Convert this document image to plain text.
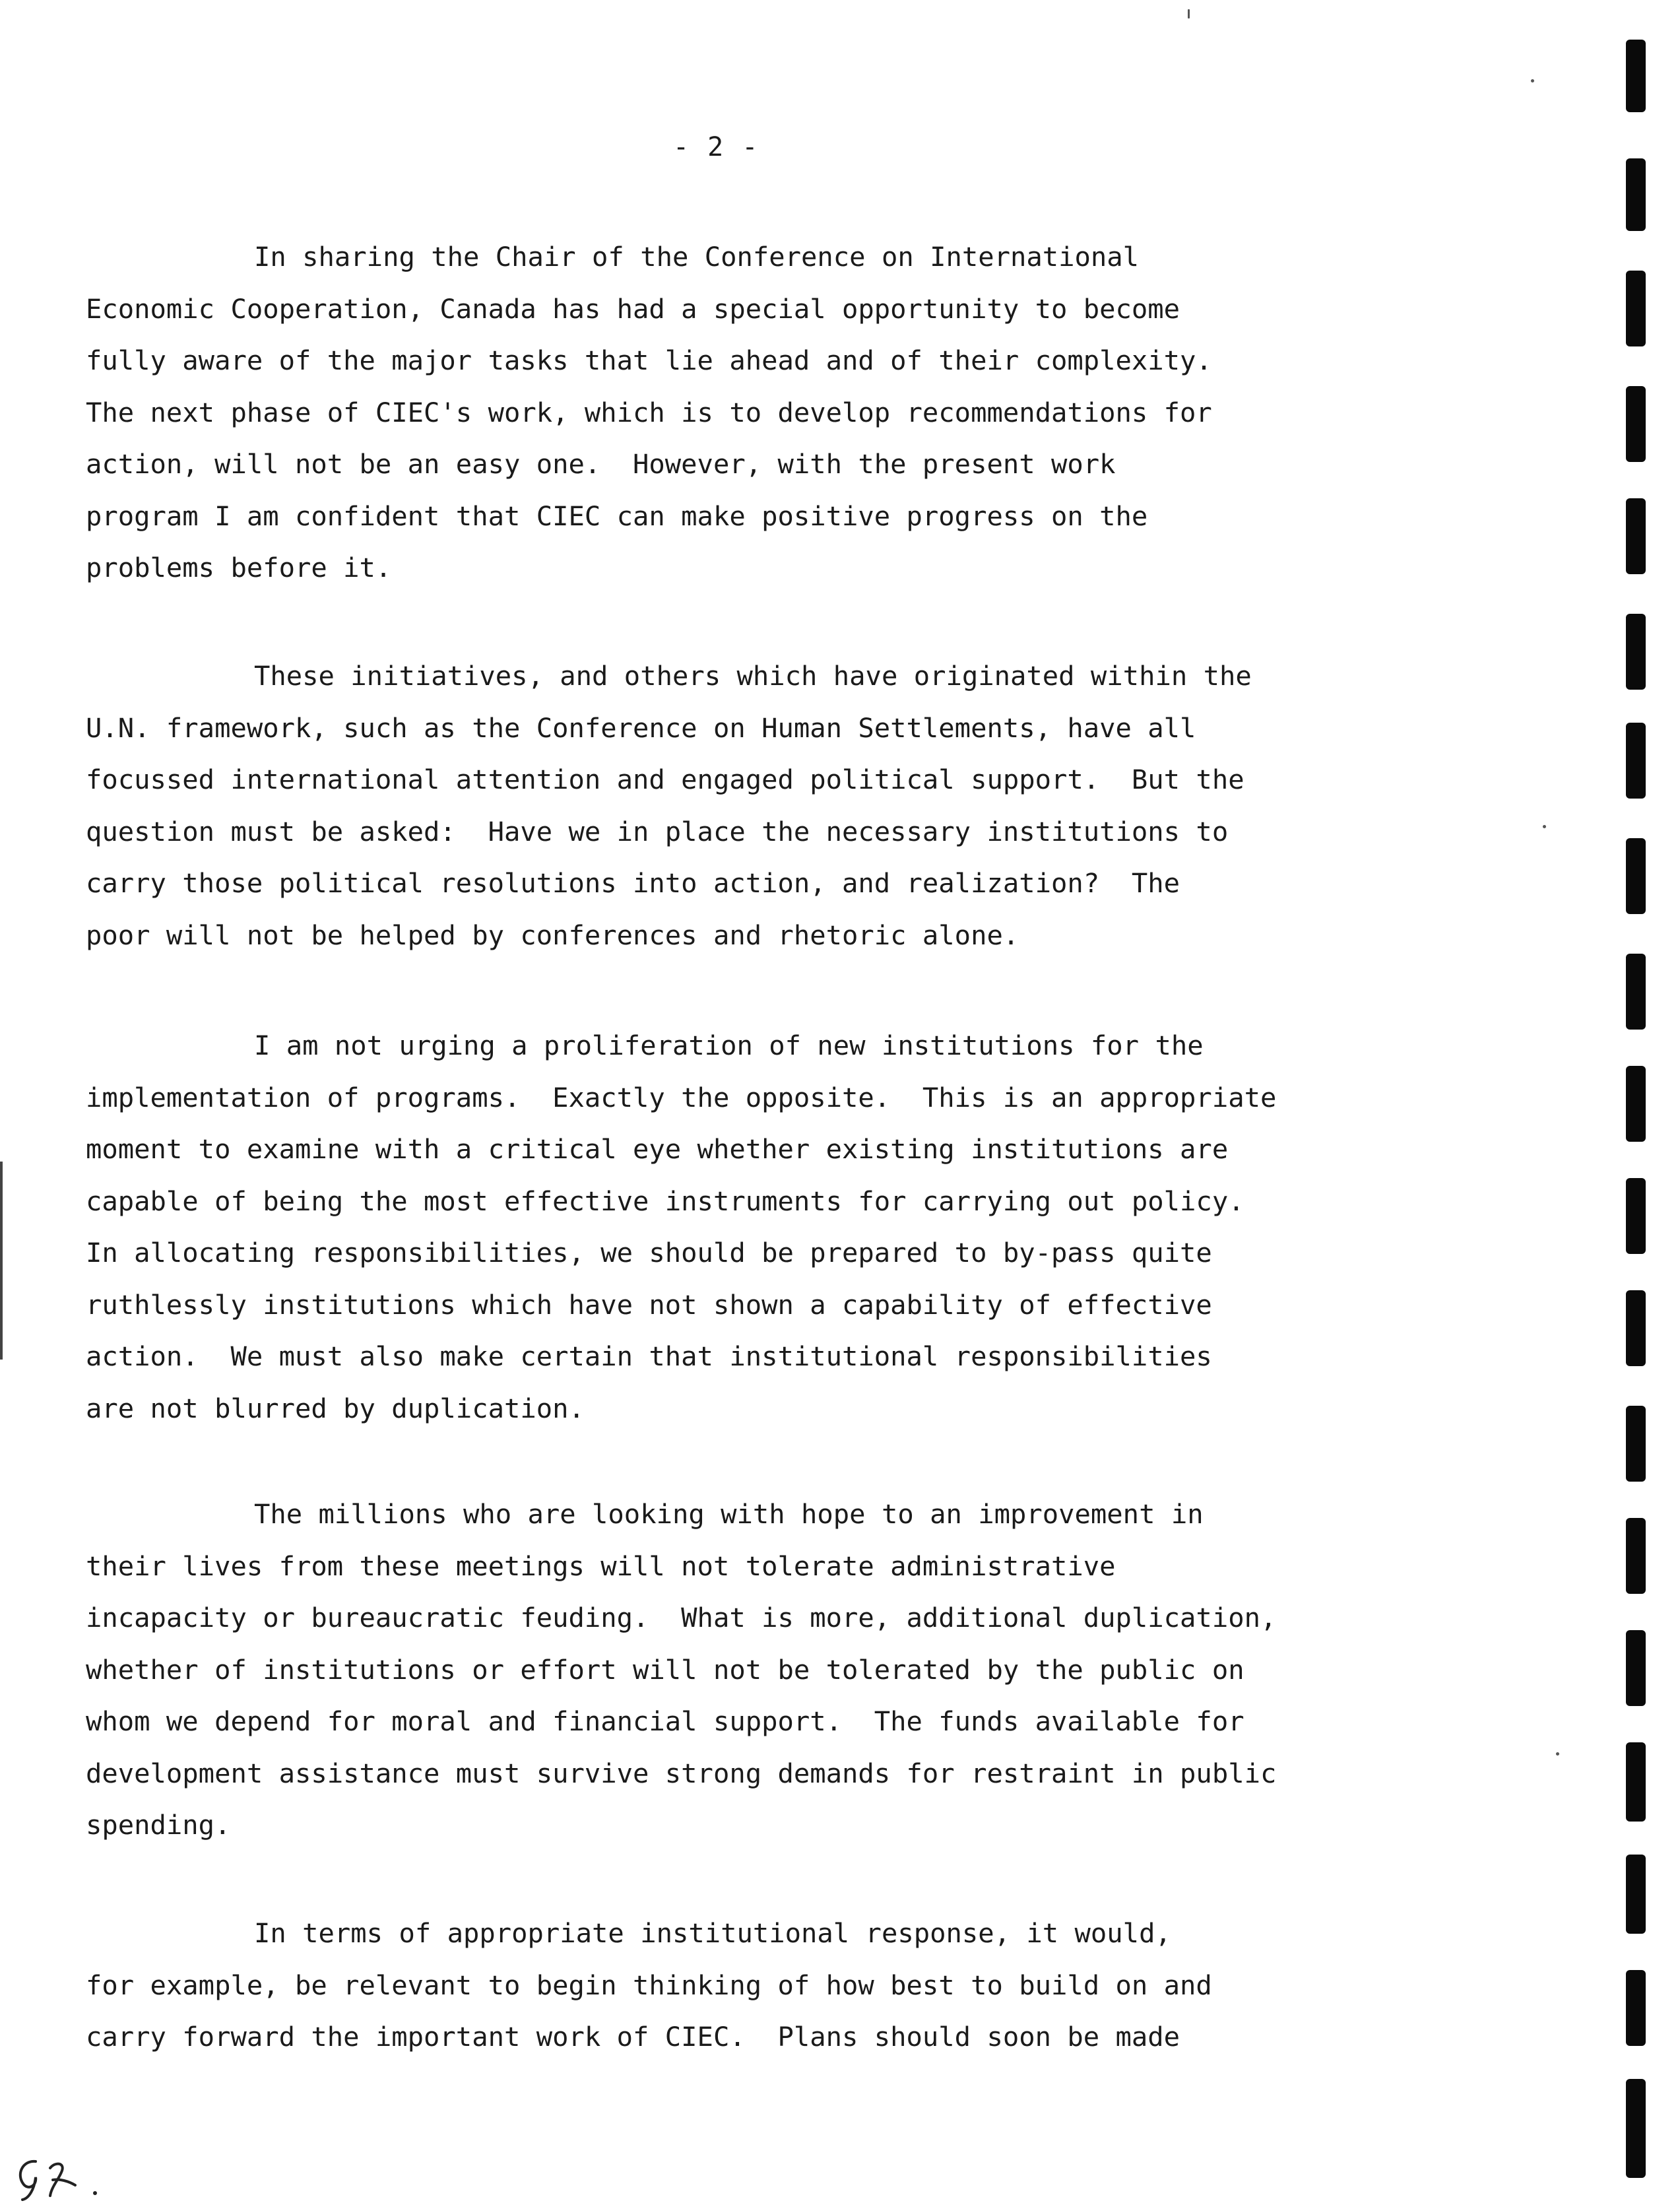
- 2 -
In sharing the Chair of the Conference on International
Economic Cooperation, Canada has had a special opportunity to become
fully aware of the major tasks that lie ahead and of their complexity.
The next phase of CIEC's work, which is to develop recommendations for
action, will not be an easy one.  However, with the present work
program I am confident that CIEC can make positive progress on the
problems before it.
These initiatives, and others which have originated within the
U.N. framework, such as the Conference on Human Settlements, have all
focussed international attention and engaged political support.  But the
question must be asked:  Have we in place the necessary institutions to
carry those political resolutions into action, and realization?  The
poor will not be helped by conferences and rhetoric alone.
I am not urging a proliferation of new institutions for the
implementation of programs.  Exactly the opposite.  This is an appropriate
moment to examine with a critical eye whether existing institutions are
capable of being the most effective instruments for carrying out policy.
In allocating responsibilities, we should be prepared to by-pass quite
ruthlessly institutions which have not shown a capability of effective
action.  We must also make certain that institutional responsibilities
are not blurred by duplication.
The millions who are looking with hope to an improvement in
their lives from these meetings will not tolerate administrative
incapacity or bureaucratic feuding.  What is more, additional duplication,
whether of institutions or effort will not be tolerated by the public on
whom we depend for moral and financial support.  The funds available for
development assistance must survive strong demands for restraint in public
spending.
In terms of appropriate institutional response, it would,
for example, be relevant to begin thinking of how best to build on and
carry forward the important work of CIEC.  Plans should soon be made
